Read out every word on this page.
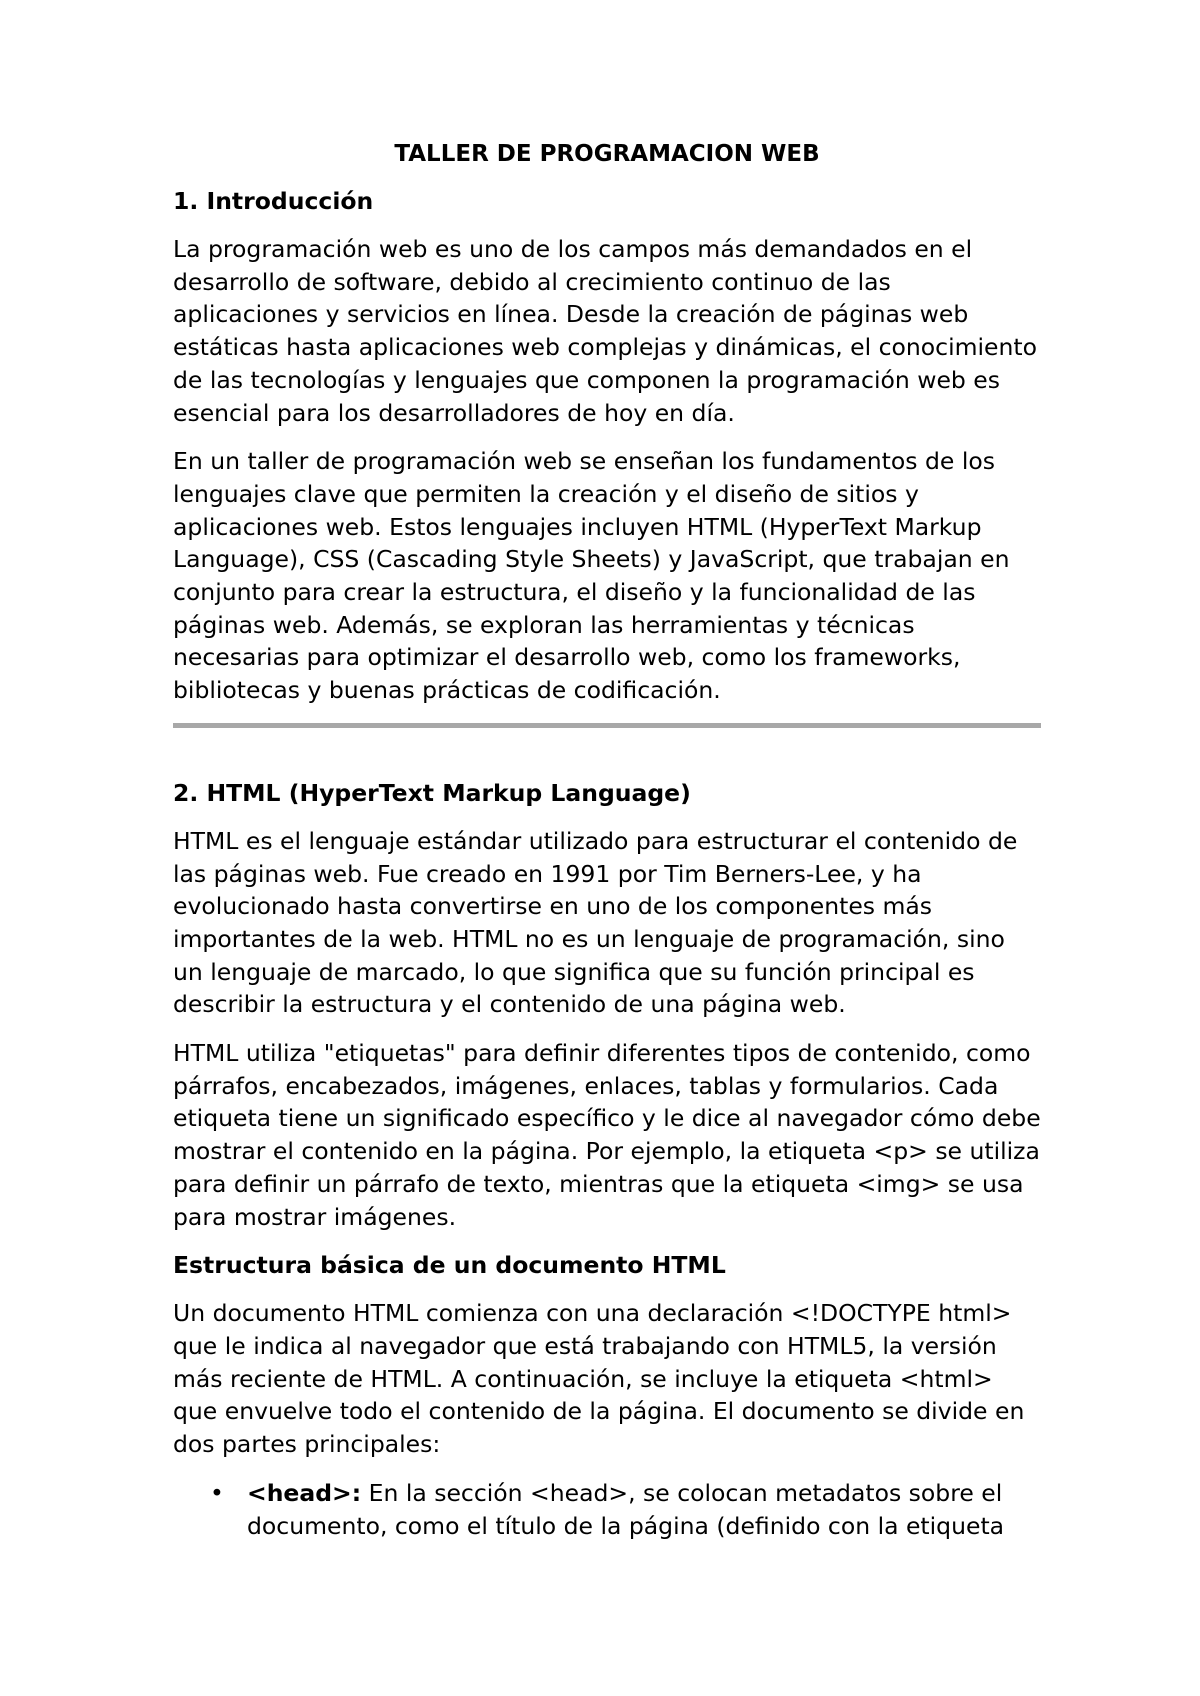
TALLER DE PROGRAMACION WEB
1. Introducción

La programación web es uno de los campos más demandados en el desarrollo de software, debido al crecimiento continuo de las aplicaciones y servicios en línea. Desde la creación de páginas web estáticas hasta aplicaciones web complejas y dinámicas, el conocimiento de las tecnologías y lenguajes que componen la programación web es esencial para los desarrolladores de hoy en día.

En un taller de programación web se enseñan los fundamentos de los lenguajes clave que permiten la creación y el diseño de sitios y aplicaciones web. Estos lenguajes incluyen HTML (HyperText Markup Language), CSS (Cascading Style Sheets) y JavaScript, que trabajan en conjunto para crear la estructura, el diseño y la funcionalidad de las páginas web. Además, se exploran las herramientas y técnicas necesarias para optimizar el desarrollo web, como los frameworks, bibliotecas y buenas prácticas de codificación.

2. HTML (HyperText Markup Language)

HTML es el lenguaje estándar utilizado para estructurar el contenido de las páginas web. Fue creado en 1991 por Tim Berners-Lee, y ha evolucionado hasta convertirse en uno de los componentes más importantes de la web. HTML no es un lenguaje de programación, sino un lenguaje de marcado, lo que significa que su función principal es describir la estructura y el contenido de una página web.

HTML utiliza "etiquetas" para definir diferentes tipos de contenido, como párrafos, encabezados, imágenes, enlaces, tablas y formularios. Cada etiqueta tiene un significado específico y le dice al navegador cómo debe mostrar el contenido en la página. Por ejemplo, la etiqueta <p> se utiliza para definir un párrafo de texto, mientras que la etiqueta <img> se usa para mostrar imágenes.

Estructura básica de un documento HTML

Un documento HTML comienza con una declaración <!DOCTYPE html> que le indica al navegador que está trabajando con HTML5, la versión más reciente de HTML. A continuación, se incluye la etiqueta <html> que envuelve todo el contenido de la página. El documento se divide en dos partes principales:

• <head>: En la sección <head>, se colocan metadatos sobre el documento, como el título de la página (definido con la etiqueta
